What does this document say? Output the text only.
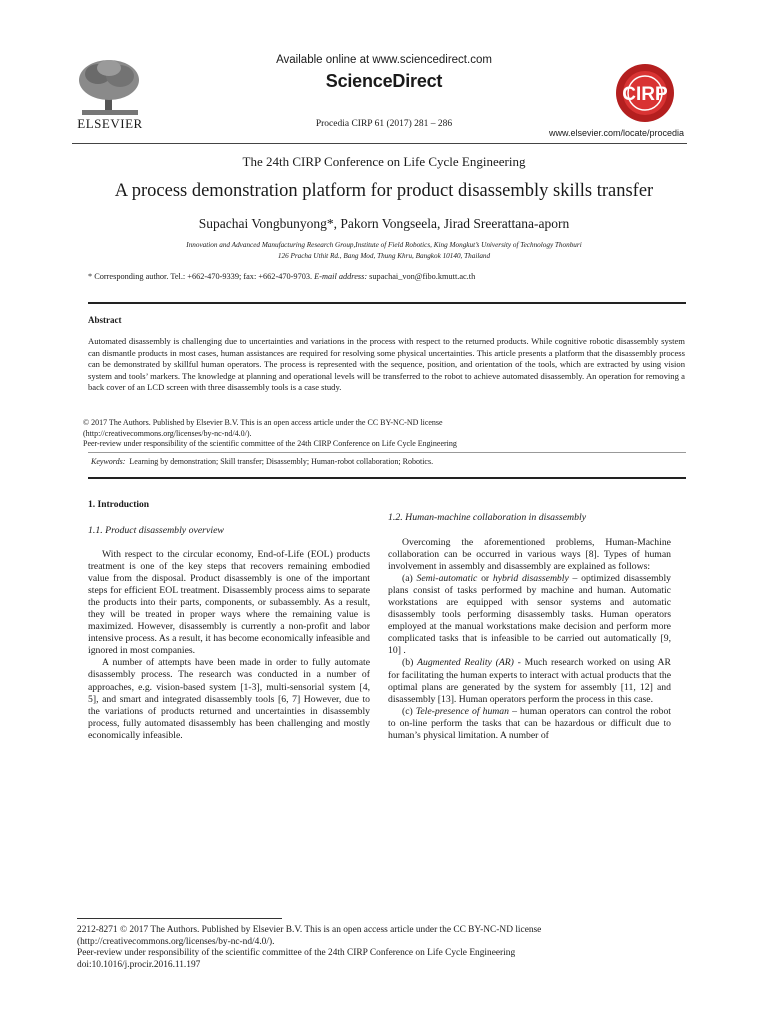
ELSEVIER
Available online at www.sciencedirect.com
ScienceDirect
Procedia CIRP 61 (2017) 281 – 286
CIRP
www.elsevier.com/locate/procedia
The 24th CIRP Conference on Life Cycle Engineering
A process demonstration platform for product disassembly skills transfer
Supachai Vongbunyong*, Pakorn Vongseela, Jirad Sreerattana-aporn
Innovation and Advanced Manufacturing Research Group,Institute of Field Robotics, King Mongkut’s University of Technology Thonburi
126 Pracha Uthit Rd., Bang Mod, Thung Khru, Bangkok 10140, Thailand
* Corresponding author. Tel.: +662-470-9339; fax: +662-470-9703. E-mail address: supachai_von@fibo.kmutt.ac.th
Abstract
Automated disassembly is challenging due to uncertainties and variations in the process with respect to the returned products. While cognitive robotic disassembly system can dismantle products in most cases, human assistances are required for resolving some physical uncertainties. This article presents a platform that the disassembly process can be demonstrated by skillful human operators. The process is represented with the sequence, position, and orientation of the tools, which are extracted by using vision system and tools’ markers. The knowledge at planning and operational levels will be transferred to the robot to achieve automated disassembly. An operation for removing a back cover of an LCD screen with three disassembly tools is a case study.
© 2017 The Authors. Published by Elsevier B.V. This is an open access article under the CC BY-NC-ND license
(http://creativecommons.org/licenses/by-nc-nd/4.0/).
Peer-review under responsibility of the scientific committee of the 24th CIRP Conference on Life Cycle Engineering
Keywords: Learning by demonstration; Skill transfer; Disassembly; Human-robot collaboration; Robotics.
1. Introduction
1.1. Product disassembly overview

With respect to the circular economy, End-of-Life (EOL) products treatment is one of the key steps that recovers remaining embodied value from the disposal. Product disassembly is one of the important steps for efficient EOL treatment. Disassembly process aims to separate the products into their parts, components, or subassembly. As a result, they will be treated in proper ways where the remaining value is maximized. However, disassembly is currently a non-profit and labor intensive process. As a result, it has become economically infeasible and ignored in most companies.

A number of attempts have been made in order to fully automate disassembly process. The research was conducted in a number of approaches, e.g. vision-based system [1-3], multi-sensorial system [4, 5], and smart and integrated disassembly tools [6, 7] However, due to the variations of products returned and uncertainties in disassembly process, fully automated disassembly has been challenging and mostly economically infeasible.

1.2. Human-machine collaboration in disassembly

Overcoming the aforementioned problems, Human-Machine collaboration can be occurred in various ways [8]. Types of human involvement in assembly and disassembly are explained as follows:

(a) Semi-automatic or hybrid disassembly – optimized disassembly plans consist of tasks performed by machine and human. Automatic workstations are equipped with sensor systems and automatic disassembly tools performing disassembly tasks. Human operators employed at the manual workstations make decision and perform more complicated tasks that is infeasible to be carried out automatically [9, 10] .

(b) Augmented Reality (AR) - Much research worked on using AR for facilitating the human experts to interact with actual products that the optimal plans are generated by the system for assembly [11, 12] and disassembly [13]. Human operators perform the process in this case.

(c) Tele-presence of human – human operators can control the robot to on-line perform the tasks that can be hazardous or difficult due to human’s physical limitation. A number of

2212-8271 © 2017 The Authors. Published by Elsevier B.V. This is an open access article under the CC BY-NC-ND license
(http://creativecommons.org/licenses/by-nc-nd/4.0/).
Peer-review under responsibility of the scientific committee of the 24th CIRP Conference on Life Cycle Engineering
doi:10.1016/j.procir.2016.11.197
